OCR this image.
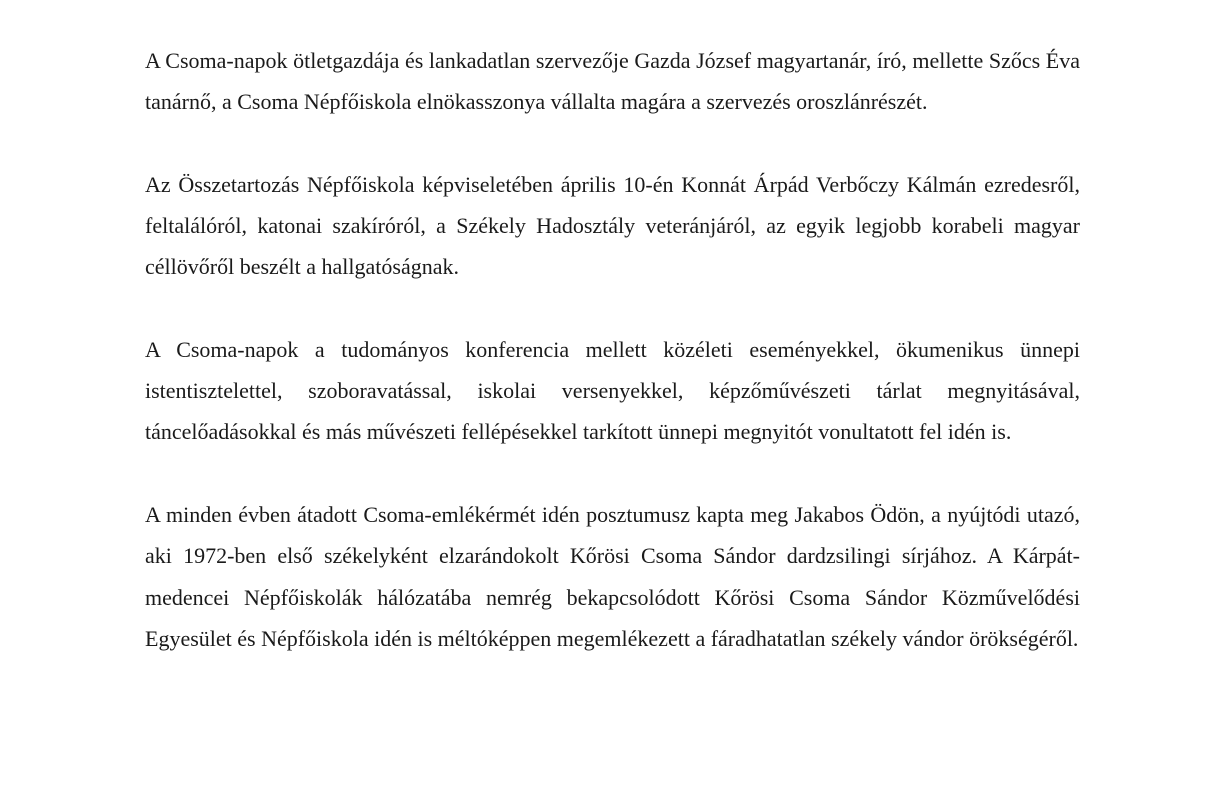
A Csoma-napok ötletgazdája és lankadatlan szervezője Gazda József magyartanár, író, mellette Szőcs Éva tanárnő, a Csoma Népfőiskola elnökasszonya vállalta magára a szervezés oroszlánrészét.

Az Összetartozás Népfőiskola képviseletében április 10-én Konnát Árpád Verbőczy Kálmán ezredesről, feltalálóról, katonai szakíróról, a Székely Hadosztály veteránjáról, az egyik legjobb korabeli magyar céllövőről beszélt a hallgatóságnak.

A Csoma-napok a tudományos konferencia mellett közéleti eseményekkel, ökumenikus ünnepi istentisztelettel, szoboravatással, iskolai versenyekkel, képzőművészeti tárlat megnyitásával, táncelőadásokkal és más művészeti fellépésekkel tarkított ünnepi megnyitót vonultatott fel idén is.

A minden évben átadott Csoma-emlékérmét idén posztumusz kapta meg Jakabos Ödön, a nyújtódi utazó, aki 1972-ben első székelyként elzarándokolt Kőrösi Csoma Sándor dardzsilingi sírjához. A Kárpát-medencei Népfőiskolák hálózatába nemrég bekapcsolódott Kőrösi Csoma Sándor Közművelődési Egyesület és Népfőiskola idén is méltóképpen megemlékezett a fáradhatatlan székely vándor örökségéről.
